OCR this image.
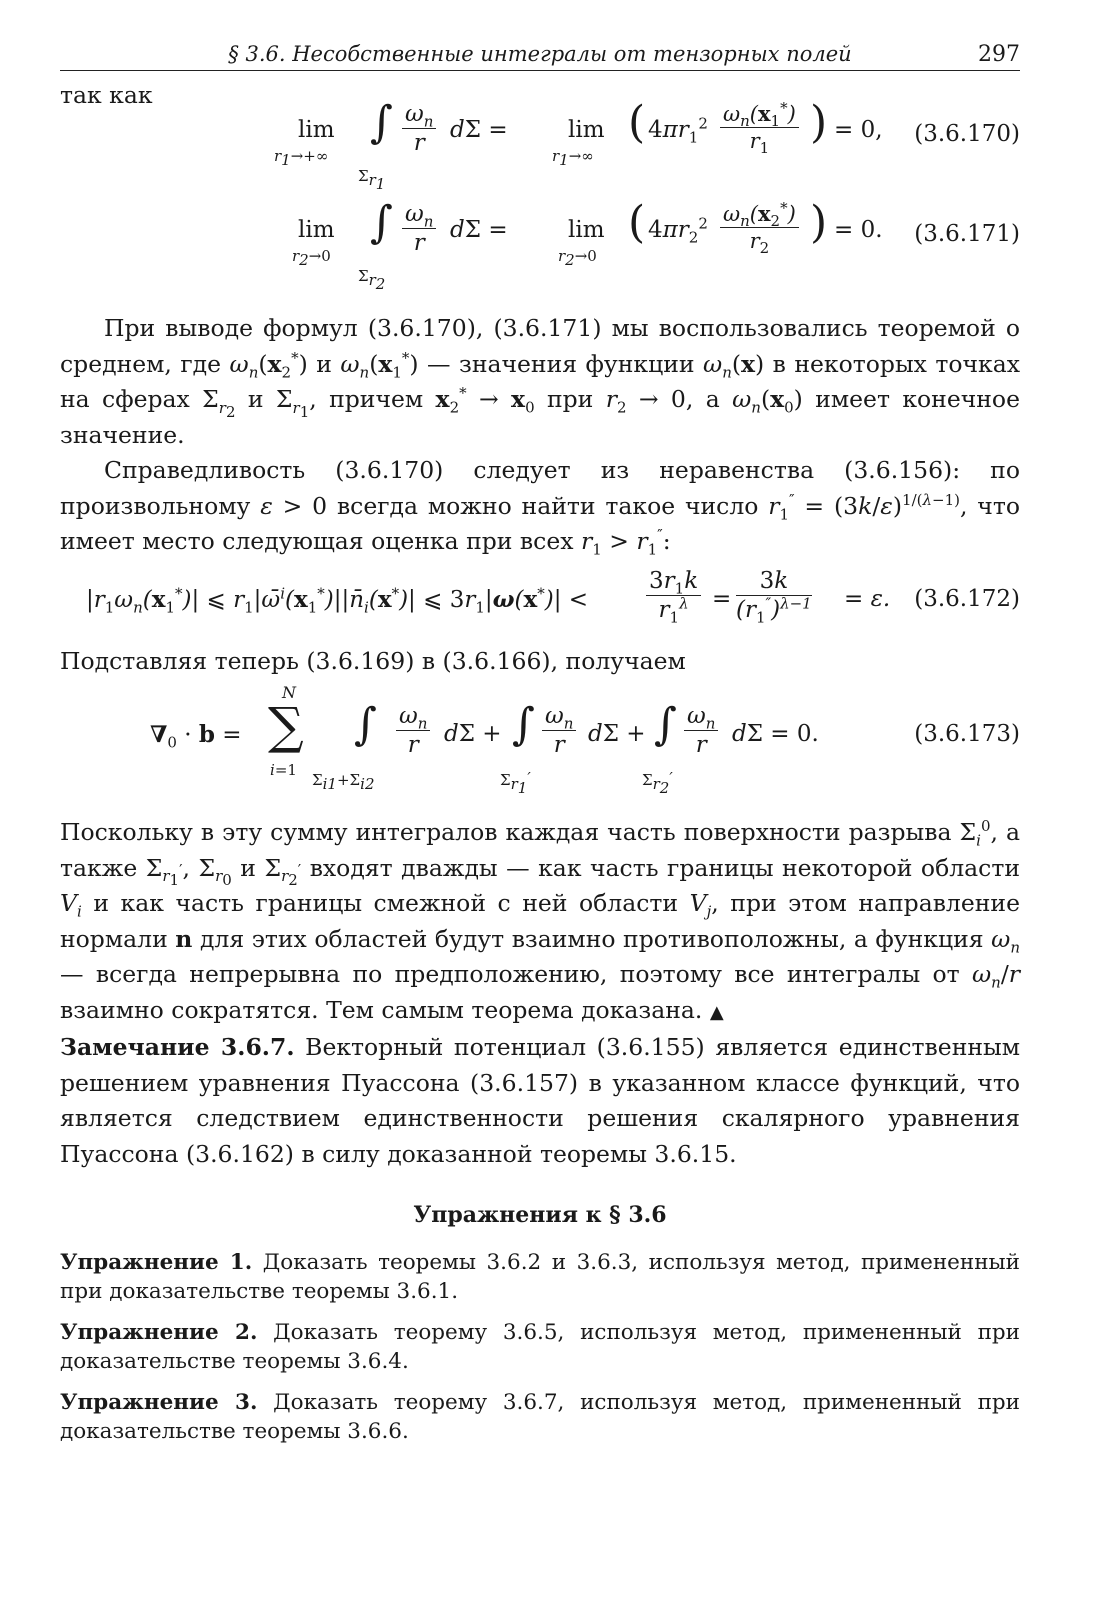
§ 3.6. Несобственные интегралы от тензорных полей	297
так как
lim
$r_1\to+\infty$
∫
$\Sigma_{r_1}$
$\frac{\omega_n}{r}$ dΣ =	lim
$r_1\to\infty$
( $4\pi r_1^2 \frac{\omega_n(x_1^*)}{r_1}$ ) = 0, (3.6.170)
lim
$r_2\to 0$
∫
$\Sigma_{r_2}$
$\frac{\omega_n}{r}$ dΣ =	lim
$r_2\to 0$
( $4\pi r_2^2 \frac{\omega_n(x_2^*)}{r_2}$ ) = 0. (3.6.171)

При выводе формул (3.6.170), (3.6.171) мы воспользовались теоремой о среднем, где $\omega_n(x_2^*)$ и $\omega_n(x_1^*)$ — значения функции $\omega_n(x)$ в некоторых точках на сферах $\Sigma_{r_2}$ и $\Sigma_{r_1}$, причем $x_2^* \to x_0$ при $r_2 \to 0$, а $\omega_n(x_0)$ имеет конечное значение.

Справедливость (3.6.170) следует из неравенства (3.6.156): по произвольному ε > 0 всегда можно найти такое число $r_1'' = (3k/\varepsilon)^{1/(\lambda-1)}$, что имеет место следующая оценка при всех $r_1 > r_1''$:

$|r_1\omega_n(x_1^*)|$ ⩽ $r_1|\omegā^i(x_1^*)||n̄_i(x^*)|$ ⩽ $3r_1|\omega(x^*)|$ <	$\frac{3r_1k}{r_1^\lambda} = \frac{3k}{(r_1'')^{\lambda-1}} = \varepsilon$. (3.6.172)

Подставляя теперь (3.6.169) в (3.6.166), получаем

$\nabla_0 \cdot b$ =
N
∑
i=1
∫
$\Sigma_{i1}+\Sigma_{i2}$
$\frac{\omega_n}{r}$ dΣ + ∫
$\Sigma_{r_1'}$
$\frac{\omega_n}{r}$ dΣ + ∫
$\Sigma_{r_2'}$
$\frac{\omega_n}{r}$ dΣ = 0.	(3.6.173)

Поскольку в эту сумму интегралов каждая часть поверхности разрыва $\Sigma_i^0$, а также $\Sigma_{r_1'}$, $\Sigma_{r_0}$ и $\Sigma_{r_2'}$ входят дважды — как часть границы некоторой области $V_i$ и как часть границы смежной с ней области $V_j$, при этом направление нормали n для этих областей будут взаимно противоположны, а функция $\omega_n$ — всегда непрерывна по предположению, поэтому все интегралы от $\omega_n/r$ взаимно сократятся. Тем самым теорема доказана. ▲

Замечание 3.6.7. Векторный потенциал (3.6.155) является единственным решением уравнения Пуассона (3.6.157) в указанном классе функций, что является следствием единственности решения скалярного уравнения Пуассона (3.6.162) в силу доказанной теоремы 3.6.15.

Упражнения к § 3.6

Упражнение 1. Доказать теоремы 3.6.2 и 3.6.3, используя метод, примененный при доказательстве теоремы 3.6.1.

Упражнение 2. Доказать теорему 3.6.5, используя метод, примененный при доказательстве теоремы 3.6.4.

Упражнение 3. Доказать теорему 3.6.7, используя метод, примененный при доказательстве теоремы 3.6.6.
